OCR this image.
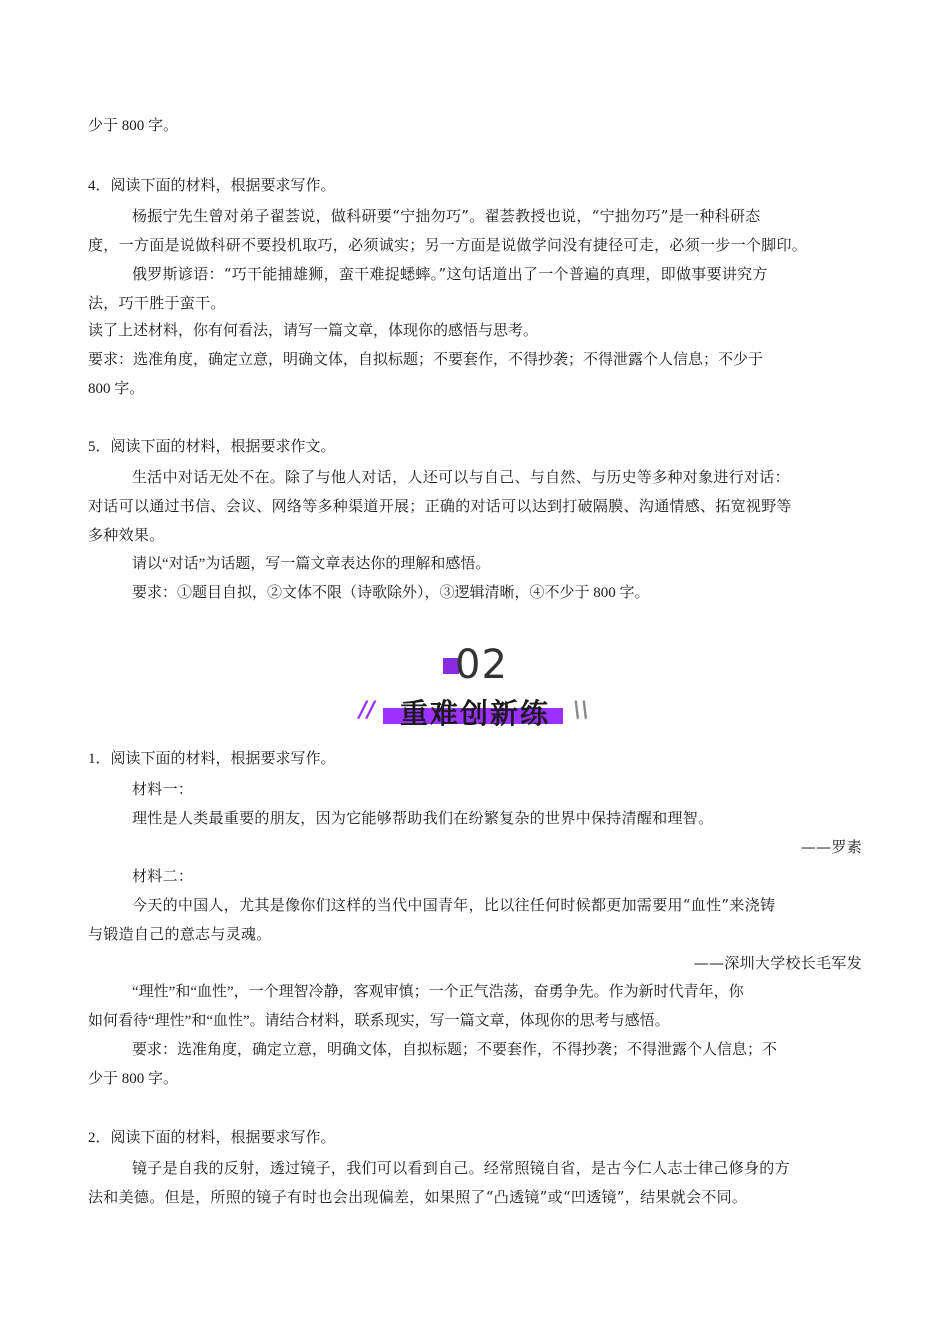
少于 800 字。
4．阅读下面的材料，根据要求写作。
杨振宁先生曾对弟子翟荟说，做科研要“宁拙勿巧”。翟荟教授也说，“宁拙勿巧”是一种科研态
度，一方面是说做科研不要投机取巧，必须诚实；另一方面是说做学问没有捷径可走，必须一步一个脚印。
俄罗斯谚语：“巧干能捕雄狮，蛮干难捉蟋蟀。”这句话道出了一个普遍的真理，即做事要讲究方
法，巧干胜于蛮干。
读了上述材料，你有何看法，请写一篇文章，体现你的感悟与思考。
要求：选准角度，确定立意，明确文体，自拟标题；不要套作，不得抄袭；不得泄露个人信息；不少于
800 字。
5．阅读下面的材料，根据要求作文。
生活中对话无处不在。除了与他人对话，人还可以与自己、与自然、与历史等多种对象进行对话：
对话可以通过书信、会议、网络等多种渠道开展；正确的对话可以达到打破隔膜、沟通情感、拓宽视野等
多种效果。
请以“对话”为话题，写一篇文章表达你的理解和感悟。
要求：①题目自拟，②文体不限（诗歌除外），③逻辑清晰，④不少于 800 字。
02
// 重难创新练	\\
1．阅读下面的材料，根据要求写作。
材料一：
理性是人类最重要的朋友，因为它能够帮助我们在纷繁复杂的世界中保持清醒和理智。
——罗素
材料二：
今天的中国人，尤其是像你们这样的当代中国青年，比以往任何时候都更加需要用“血性”来浇铸
与锻造自己的意志与灵魂。
——深圳大学校长毛军发
“理性”和“血性”，一个理智冷静，客观审慎；一个正气浩荡，奋勇争先。作为新时代青年，你
如何看待“理性”和“血性”。请结合材料，联系现实，写一篇文章，体现你的思考与感悟。
要求：选准角度，确定立意，明确文体，自拟标题；不要套作，不得抄袭；不得泄露个人信息；不
少于 800 字。
2．阅读下面的材料，根据要求写作。
镜子是自我的反射，透过镜子，我们可以看到自己。经常照镜自省，是古今仁人志士律己修身的方
法和美德。但是，所照的镜子有时也会出现偏差，如果照了“凸透镜”或“凹透镜”，结果就会不同。
